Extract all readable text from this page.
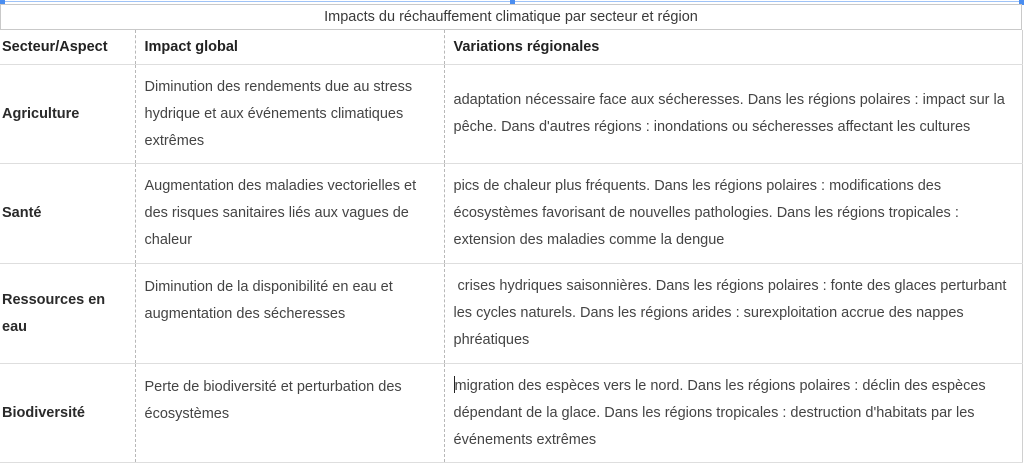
Impacts du réchauffement climatique par secteur et région
Secteur/Aspect	Impact global	Variations régionales

Agriculture	Diminution des rendements due au stress hydrique et aux événements climatiques extrêmes	adaptation nécessaire face aux sécheresses. Dans les régions polaires : impact sur la pêche. Dans d'autres régions : inondations ou sécheresses affectant les cultures

Santé	Augmentation des maladies vectorielles et des risques sanitaires liés aux vagues de chaleur	pics de chaleur plus fréquents. Dans les régions polaires : modifications des écosystèmes favorisant de nouvelles pathologies. Dans les régions tropicales : extension des maladies comme la dengue

Ressources en eau	Diminution de la disponibilité en eau et augmentation des sécheresses	crises hydriques saisonnières. Dans les régions polaires : fonte des glaces perturbant les cycles naturels. Dans les régions arides : surexploitation accrue des nappes phréatiques

Biodiversité	Perte de biodiversité et perturbation des écosystèmes	migration des espèces vers le nord. Dans les régions polaires : déclin des espèces dépendant de la glace. Dans les régions tropicales : destruction d'habitats par les événements extrêmes
